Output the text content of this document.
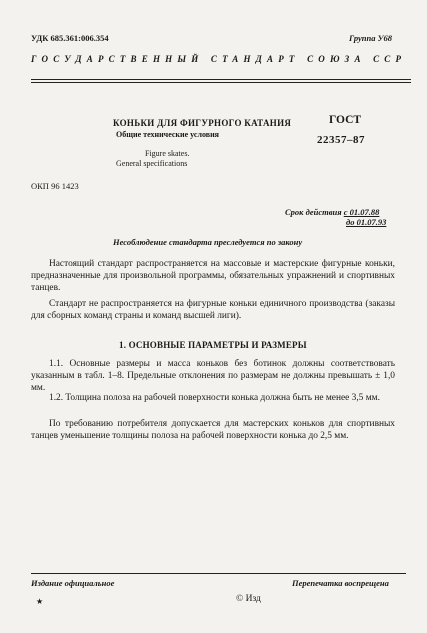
УДК 685.361:006.354	Группа У68
ГОСУДАРСТВЕННЫЙ СТАНДАРТ СОЮЗА ССР
КОНЬКИ ДЛЯ ФИГУРНОГО КАТАНИЯ
Общие технические условия
ГОСТ
22357–87
Figure skates.
General specifications
ОКП 96 1423
Срок действия с 01.07.88
до 01.07.93
Несоблюдение стандарта преследуется по закону
Настоящий стандарт распространяется на массовые и мастерские фигурные коньки, предназначенные для произвольной программы, обязательных упражнений и спортивных танцев.
Стандарт не распространяется на фигурные коньки единичного производства (заказы для сборных команд страны и команд высшей лиги).
1. ОСНОВНЫЕ ПАРАМЕТРЫ И РАЗМЕРЫ
1.1. Основные размеры и масса коньков без ботинок должны соответствовать указанным в табл. 1–8. Предельные отклонения по размерам не должны превышать ± 1,0 мм.
1.2. Толщина полоза на рабочей поверхности конька должна быть не менее 3,5 мм.
По требованию потребителя допускается для мастерских коньков для спортивных танцев уменьшение толщины полоза на рабочей поверхности конька до 2,5 мм.
Издание официальное	Перепечатка воспрещена
★	© Изд
